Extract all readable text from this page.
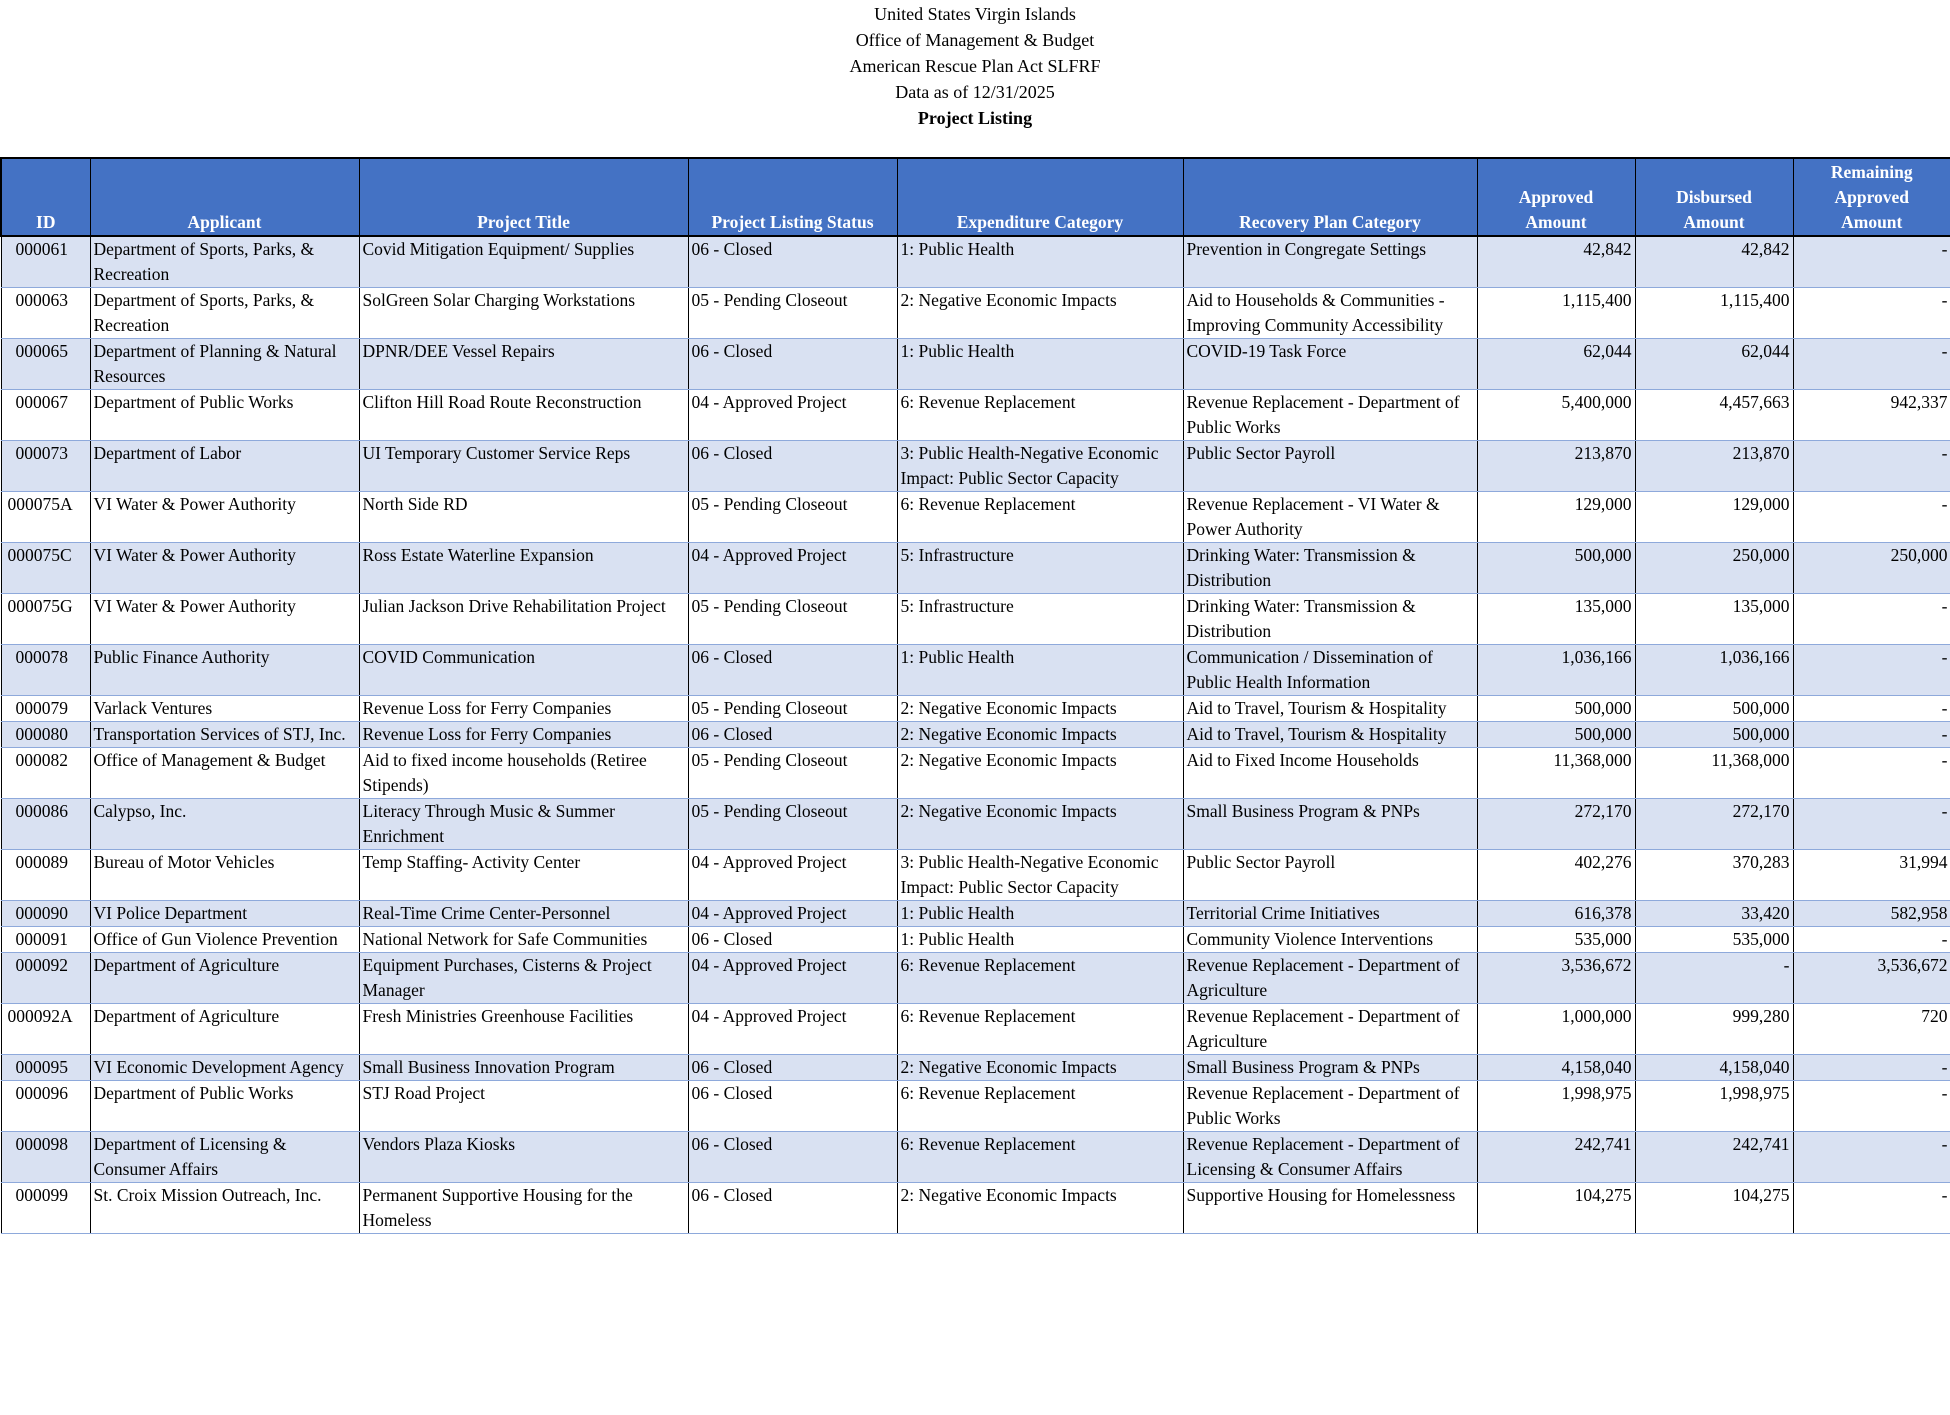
United States Virgin Islands
Office of Management & Budget
American Rescue Plan Act SLFRF
Data as of 12/31/2025
Project Listing
ID	Applicant	Project Title	Project Listing Status	Expenditure Category	Recovery Plan Category	Approved Amount	Disbursed Amount	Remaining Approved Amount
000061	Department of Sports, Parks, & Recreation	Covid Mitigation Equipment/ Supplies	06 - Closed	1: Public Health	Prevention in Congregate Settings	42,842	42,842	-
000063	Department of Sports, Parks, & Recreation	SolGreen Solar Charging Workstations	05 - Pending Closeout	2: Negative Economic Impacts	Aid to Households & Communities - Improving Community Accessibility	1,115,400	1,115,400	-
000065	Department of Planning & Natural Resources	DPNR/DEE Vessel Repairs	06 - Closed	1: Public Health	COVID-19 Task Force	62,044	62,044	-
000067	Department of Public Works	Clifton Hill Road Route Reconstruction	04 - Approved Project	6: Revenue Replacement	Revenue Replacement - Department of Public Works	5,400,000	4,457,663	942,337
000073	Department of Labor	UI Temporary Customer Service Reps	06 - Closed	3: Public Health-Negative Economic Impact: Public Sector Capacity	Public Sector Payroll	213,870	213,870	-
000075A	VI Water & Power Authority	North Side RD	05 - Pending Closeout	6: Revenue Replacement	Revenue Replacement - VI Water & Power Authority	129,000	129,000	-
000075C	VI Water & Power Authority	Ross Estate Waterline Expansion	04 - Approved Project	5: Infrastructure	Drinking Water: Transmission & Distribution	500,000	250,000	250,000
000075G	VI Water & Power Authority	Julian Jackson Drive Rehabilitation Project	05 - Pending Closeout	5: Infrastructure	Drinking Water: Transmission & Distribution	135,000	135,000	-
000078	Public Finance Authority	COVID Communication	06 - Closed	1: Public Health	Communication / Dissemination of Public Health Information	1,036,166	1,036,166	-
000079	Varlack Ventures	Revenue Loss for Ferry Companies	05 - Pending Closeout	2: Negative Economic Impacts	Aid to Travel, Tourism & Hospitality	500,000	500,000	-
000080	Transportation Services of STJ, Inc.	Revenue Loss for Ferry Companies	06 - Closed	2: Negative Economic Impacts	Aid to Travel, Tourism & Hospitality	500,000	500,000	-
000082	Office of Management & Budget	Aid to fixed income households (Retiree Stipends)	05 - Pending Closeout	2: Negative Economic Impacts	Aid to Fixed Income Households	11,368,000	11,368,000	-
000086	Calypso, Inc.	Literacy Through Music & Summer Enrichment	05 - Pending Closeout	2: Negative Economic Impacts	Small Business Program & PNPs	272,170	272,170	-
000089	Bureau of Motor Vehicles	Temp Staffing- Activity Center	04 - Approved Project	3: Public Health-Negative Economic Impact: Public Sector Capacity	Public Sector Payroll	402,276	370,283	31,994
000090	VI Police Department	Real-Time Crime Center-Personnel	04 - Approved Project	1: Public Health	Territorial Crime Initiatives	616,378	33,420	582,958
000091	Office of Gun Violence Prevention	National Network for Safe Communities	06 - Closed	1: Public Health	Community Violence Interventions	535,000	535,000	-
000092	Department of Agriculture	Equipment Purchases, Cisterns & Project Manager	04 - Approved Project	6: Revenue Replacement	Revenue Replacement - Department of Agriculture	3,536,672	-	3,536,672
000092A	Department of Agriculture	Fresh Ministries Greenhouse Facilities	04 - Approved Project	6: Revenue Replacement	Revenue Replacement - Department of Agriculture	1,000,000	999,280	720
000095	VI Economic Development Agency	Small Business Innovation Program	06 - Closed	2: Negative Economic Impacts	Small Business Program & PNPs	4,158,040	4,158,040	-
000096	Department of Public Works	STJ Road Project	06 - Closed	6: Revenue Replacement	Revenue Replacement - Department of Public Works	1,998,975	1,998,975	-
000098	Department of Licensing & Consumer Affairs	Vendors Plaza Kiosks	06 - Closed	6: Revenue Replacement	Revenue Replacement - Department of Licensing & Consumer Affairs	242,741	242,741	-
000099	St. Croix Mission Outreach, Inc.	Permanent Supportive Housing for the Homeless	06 - Closed	2: Negative Economic Impacts	Supportive Housing for Homelessness	104,275	104,275	-
